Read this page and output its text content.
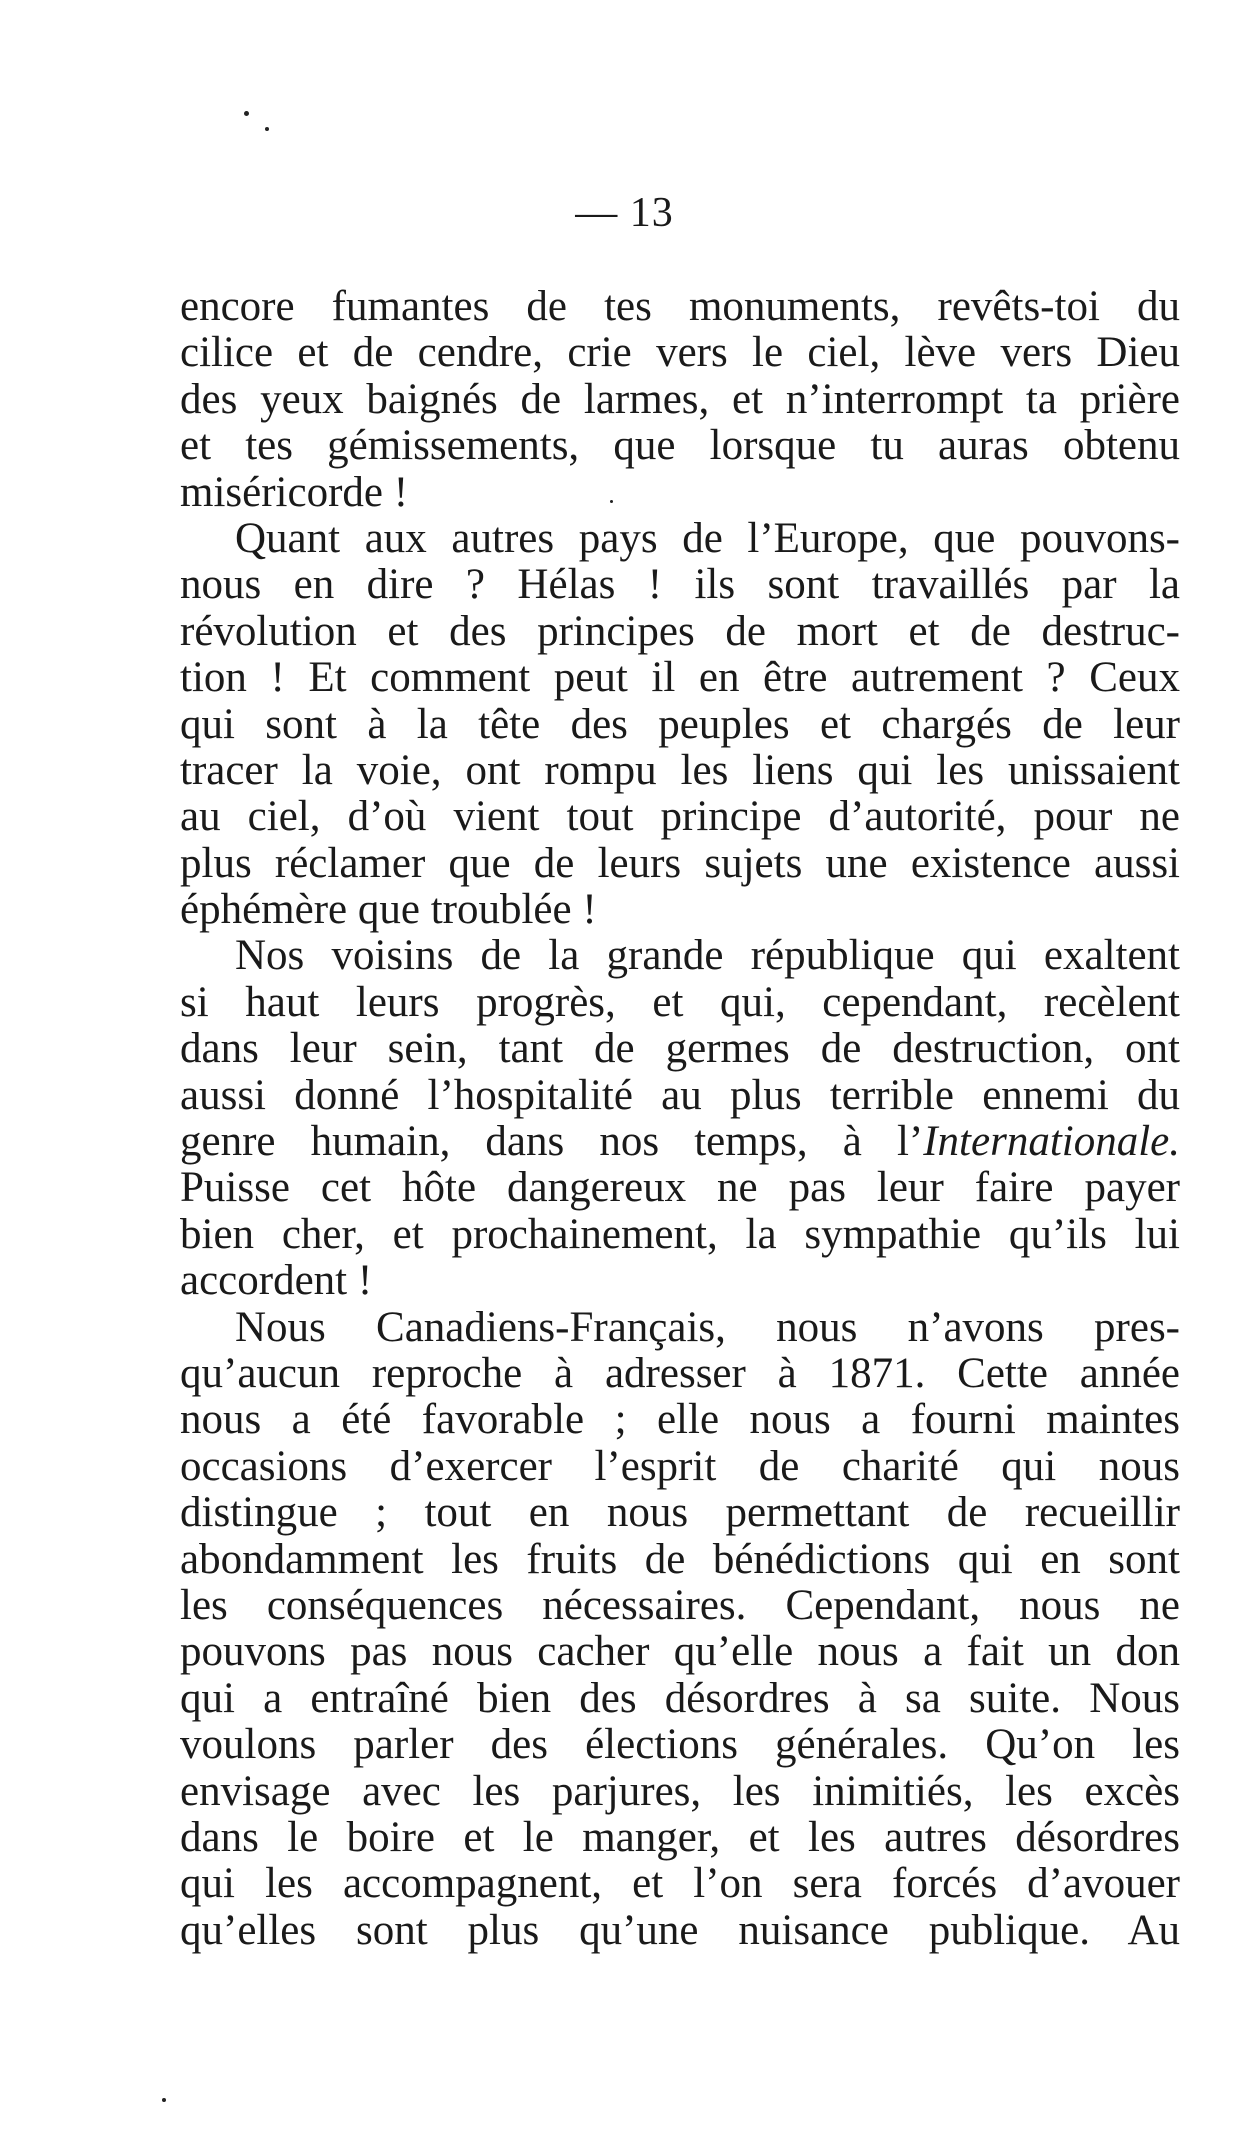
— 13
encore fumantes de tes monuments, revêts-toi du
cilice et de cendre, crie vers le ciel, lève vers Dieu
des yeux baignés de larmes, et n’interrompt ta prière
et tes gémissements, que lorsque tu auras obtenu
miséricorde !
Quant aux autres pays de l’Europe, que pouvons-
nous en dire ? Hélas ! ils sont travaillés par la
révolution et des principes de mort et de destruc-
tion ! Et comment peut il en être autrement ? Ceux
qui sont à la tête des peuples et chargés de leur
tracer la voie, ont rompu les liens qui les unissaient
au ciel, d’où vient tout principe d’autorité, pour ne
plus réclamer que de leurs sujets une existence aussi
éphémère que troublée !
Nos voisins de la grande république qui exaltent
si haut leurs progrès, et qui, cependant, recèlent
dans leur sein, tant de germes de destruction, ont
aussi donné l’hospitalité au plus terrible ennemi du
genre humain, dans nos temps, à l’Internationale.
Puisse cet hôte dangereux ne pas leur faire payer
bien cher, et prochainement, la sympathie qu’ils lui
accordent !
Nous Canadiens-Français, nous n’avons pres-
qu’aucun reproche à adresser à 1871. Cette année
nous a été favorable ; elle nous a fourni maintes
occasions d’exercer l’esprit de charité qui nous
distingue ; tout en nous permettant de recueillir
abondamment les fruits de bénédictions qui en sont
les conséquences nécessaires. Cependant, nous ne
pouvons pas nous cacher qu’elle nous a fait un don
qui a entraîné bien des désordres à sa suite. Nous
voulons parler des élections générales. Qu’on les
envisage avec les parjures, les inimitiés, les excès
dans le boire et le manger, et les autres désordres
qui les accompagnent, et l’on sera forcés d’avouer
qu’elles sont plus qu’une nuisance publique. Au
